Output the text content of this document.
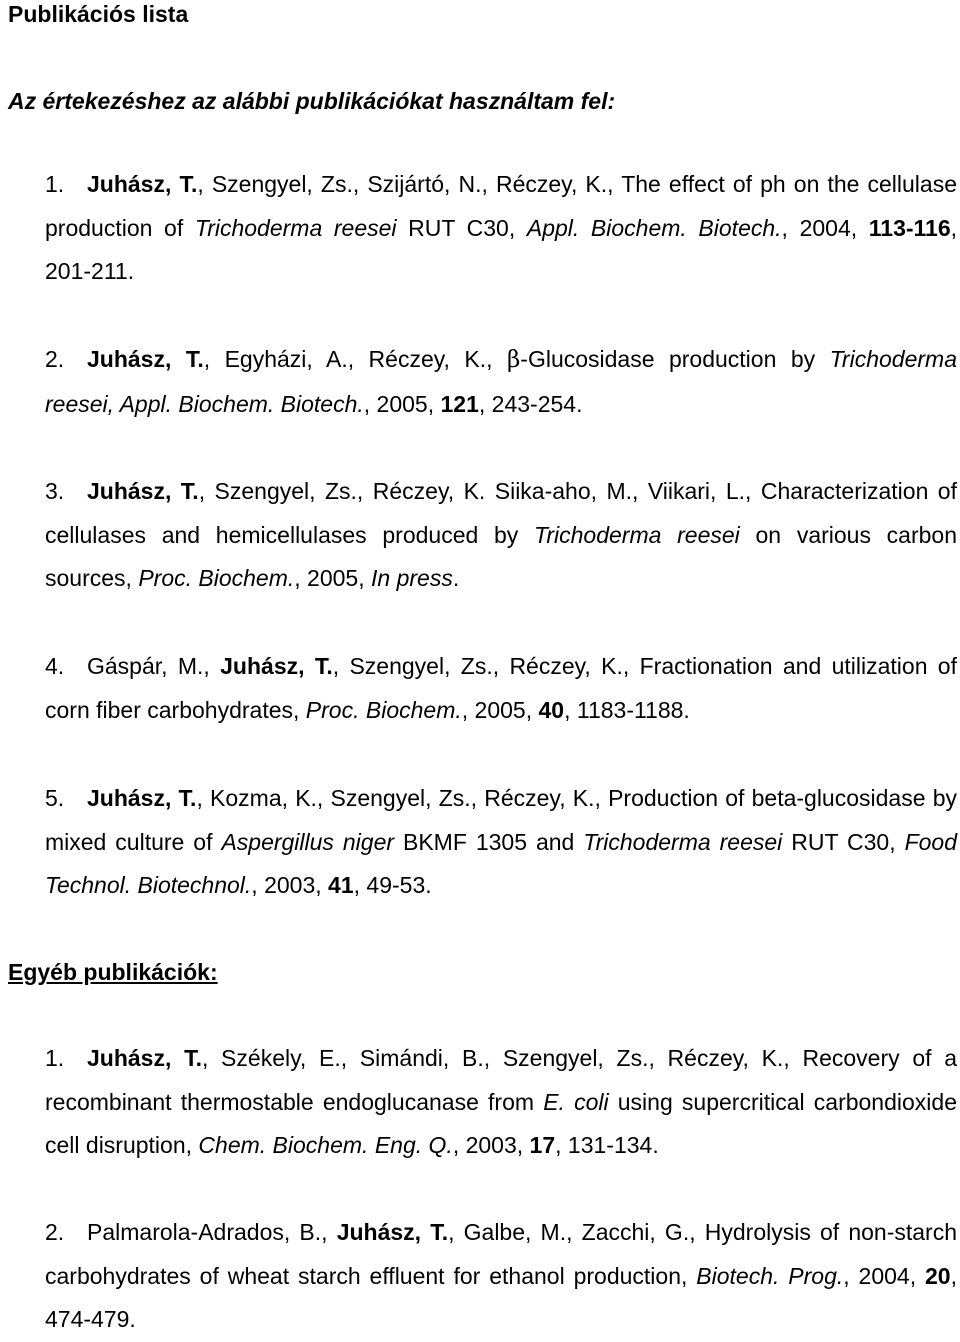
Publikációs lista
Az értekezéshez az alábbi publikációkat használtam fel:
1. Juhász, T., Szengyel, Zs., Szijártó, N., Réczey, K., The effect of ph on the cellulase production of Trichoderma reesei RUT C30, Appl. Biochem. Biotech., 2004, 113-116, 201-211.
2. Juhász, T., Egyházi, A., Réczey, K., β-Glucosidase production by Trichoderma reesei, Appl. Biochem. Biotech., 2005, 121, 243-254.
3. Juhász, T., Szengyel, Zs., Réczey, K. Siika-aho, M., Viikari, L., Characterization of cellulases and hemicellulases produced by Trichoderma reesei on various carbon sources, Proc. Biochem., 2005, In press.
4. Gáspár, M., Juhász, T., Szengyel, Zs., Réczey, K., Fractionation and utilization of corn fiber carbohydrates, Proc. Biochem., 2005, 40, 1183-1188.
5. Juhász, T., Kozma, K., Szengyel, Zs., Réczey, K., Production of beta-glucosidase by mixed culture of Aspergillus niger BKMF 1305 and Trichoderma reesei RUT C30, Food Technol. Biotechnol., 2003, 41, 49-53.
Egyéb publikációk:
1. Juhász, T., Székely, E., Simándi, B., Szengyel, Zs., Réczey, K., Recovery of a recombinant thermostable endoglucanase from E. coli using supercritical carbondioxide cell disruption, Chem. Biochem. Eng. Q., 2003, 17, 131-134.
2. Palmarola-Adrados, B., Juhász, T., Galbe, M., Zacchi, G., Hydrolysis of non-starch carbohydrates of wheat starch effluent for ethanol production, Biotech. Prog., 2004, 20, 474-479.
